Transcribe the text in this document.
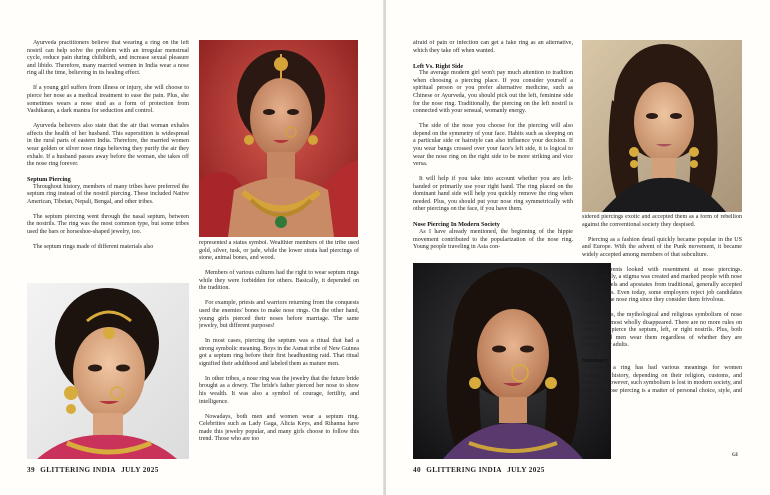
Ayurveda practitioners believe that wearing a ring on the left nostril can help solve the problem with an irregular menstrual cycle, reduce pain during childbirth, and increase sexual pleasure and libido. Therefore, many married women in India wear a nose ring all the time, believing in its healing effect.

If a young girl suffers from illness or injury, she will choose to pierce her nose as a medical treatment to ease the pain. Plus, she sometimes wears a nose stud as a form of protection from Vashikaran, a dark mantra for seduction and control.

Ayurveda believers also state that the air that woman exhales affects the health of her husband. This superstition is widespread in the rural parts of eastern India. Therefore, the married women wear golden or silver nose rings believing they purify the air they exhale. If a husband passes away before the woman, she takes off the nose ring forever.

Septum Piercing

Throughout history, members of many tribes have preferred the septum ring instead of the nostril piercing. These included Native American, Tibetan, Nepali, Bengal, and other tribes.

The septum piercing went through the nasal septum, between the nostrils. The ring was the most common type, but some tribes used the bars or horseshoe-shaped jewelry, too.

The septum rings made of different materials also

represented a status symbol. Wealthier members of the tribe used gold, silver, tusk, or jade, while the lower strata had piercings of stone, animal bones, and wood.

Members of various cultures had the right to wear septum rings while they were forbidden for others. Basically, it depended on the tradition.

For example, priests and warriors returning from the conquests used the enemies' bones to make nose rings. On the other hand, young girls pierced their noses before marriage. The same jewelry, but different purposes!

In most cases, piercing the septum was a ritual that had a strong symbolic meaning. Boys in the Asmat tribe of New Guinea got a septum ring before their first headhunting raid. That ritual signified their adulthood and labeled them as mature men.

In other tribes, a nose ring was the jewelry that the future bride brought as a dowry. The bride's father pierced her nose to show his wealth. It was also a symbol of courage, fertility, and intelligence.

Nowadays, both men and women wear a septum ring. Celebrities such as Lady Gaga, Alicia Keys, and Rihanna have made this jewelry popular, and many girls choose to follow this trend. Those who are too

39 GLITTERING INDIA JULY 2025

afraid of pain or infection can get a fake ring as an alternative, which they take off when wanted.

Left Vs. Right Side

The average modern girl won't pay much attention to tradition when choosing a piercing place. If you consider yourself a spiritual person or you prefer alternative medicine, such as Chinese or Ayurveda, you should pick out the left, feminine side for the nose ring. Traditionally, the piercing on the left nostril is connected with your sensual, womanly energy.

The side of the nose you choose for the piercing will also depend on the symmetry of your face. Habits such as sleeping on a particular side or hairstyle can also influence your decision. If you wear bangs crossed over your face's left side, it is logical to wear the nose ring on the right side to be more striking and vice versa.

It will help if you take into account whether you are left-handed or primarily use your right hand. The ring placed on the dominant hand side will help you quickly remove the ring when needed. Plus, you should put your nose ring symmetrically with other piercings on the face, if you have them.

Nose Piercing In Modern Society

As I have already mentioned, the beginning of the hippie movement contributed to the popularization of the nose ring. Young people traveling in Asia con-

sidered piercings exotic and accepted them as a form of rebellion against the conventional society they despised.

Piercing as a fashion detail quickly became popular in the US and Europe. With the advent of the Punk movement, it became widely accepted among members of that subculture.

Most parents looked with resentment at nose piercings. Unfortunately, a stigma was created and marked people with nose rings as rebels and apostates from traditional, generally accepted social norms. Even today, some employers reject job candidates who wear the nose ring since they consider them frivolous.

Nowadays, the mythological and religious symbolism of nose rings has almost wholly disappeared. There are no more rules on whether to pierce the septum, left, or right nostrils. Plus, both women and men wear them regardless of whether they are teenagers or adults.

Summary

Wearing a ring has had various meanings for women throughout history, depending on their religion, customs, and ethnicity. However, such symbolism is lost in modern society, and today the nose piercing is a matter of personal choice, style, and preferences.

GI
40 GLITTERING INDIA JULY 2025
